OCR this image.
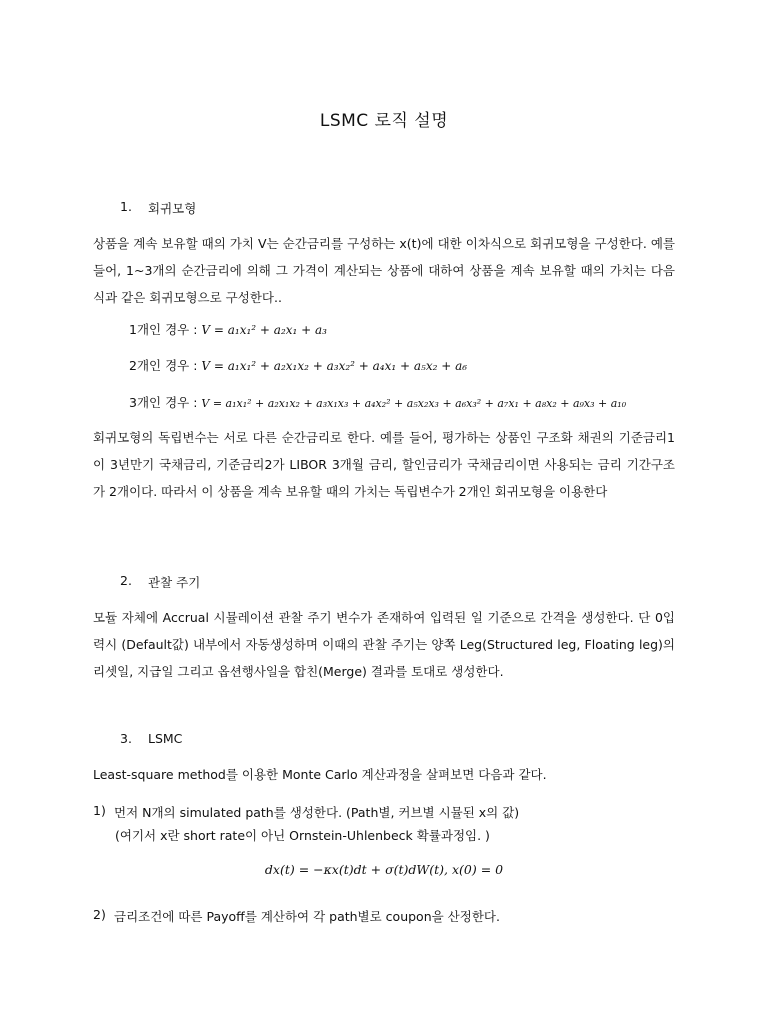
LSMC 로직 설명
1. 회귀모형
상품을 계속 보유할 때의 가치 V는 순간금리를 구성하는 x(t)에 대한 이차식으로 회귀모형을 구성한다. 예를 들어, 1~3개의 순간금리에 의해 그 가격이 계산되는 상품에 대하여 상품을 계속 보유할 때의 가치는 다음 식과 같은 회귀모형으로 구성한다..
1개인 경우 : V = a₁x₁² + a₂x₁ + a₃
2개인 경우 : V = a₁x₁² + a₂x₁x₂ + a₃x₂² + a₄x₁ + a₅x₂ + a₆
3개인 경우 : V = a₁x₁² + a₂x₁x₂ + a₃x₁x₃ + a₄x₂² + a₅x₂x₃ + a₆x₃² + a₇x₁ + a₈x₂ + a₉x₃ + a₁₀
회귀모형의 독립변수는 서로 다른 순간금리로 한다. 예를 들어, 평가하는 상품인 구조화 채권의 기준금리1이 3년만기 국채금리, 기준금리2가 LIBOR 3개월 금리, 할인금리가 국채금리이면 사용되는 금리 기간구조가 2개이다. 따라서 이 상품을 계속 보유할 때의 가치는 독립변수가 2개인 회귀모형을 이용한다
2. 관찰 주기
모듈 자체에 Accrual 시뮬레이션 관찰 주기 변수가 존재하여 입력된 일 기준으로 간격을 생성한다. 단 0입력시 (Default값) 내부에서 자동생성하며 이때의 관찰 주기는 양쪽 Leg(Structured leg, Floating leg)의 리셋일, 지급일 그리고 옵션행사일을 합친(Merge) 결과를 토대로 생성한다.
3. LSMC
Least-square method를 이용한 Monte Carlo 계산과정을 살펴보면 다음과 같다.
1) 먼저 N개의 simulated path를 생성한다. (Path별, 커브별 시뮬된 x의 값)
(여기서 x란 short rate이 아닌 Ornstein-Uhlenbeck 확률과정임. )
dx(t) = −κx(t)dt + σ(t)dW(t), x(0) = 0
2) 금리조건에 따른 Payoff를 계산하여 각 path별로 coupon을 산정한다.
